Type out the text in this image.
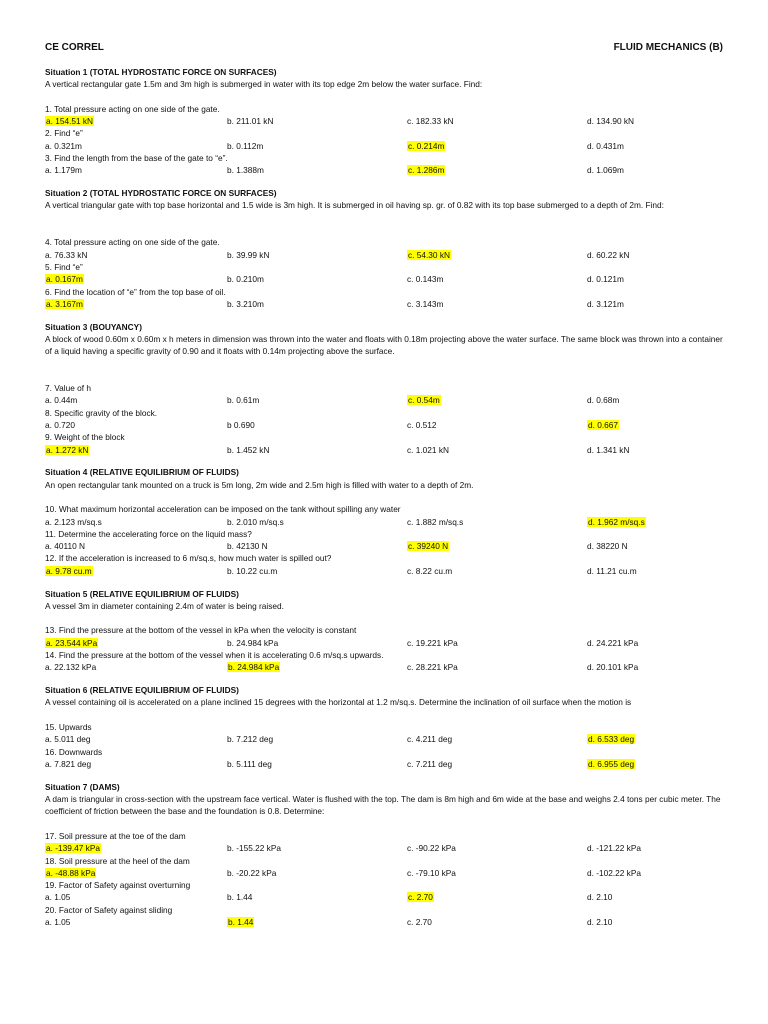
CE CORREL	FLUID MECHANICS (B)
Situation 1 (TOTAL HYDROSTATIC FORCE ON SURFACES)
A vertical rectangular gate 1.5m and 3m high is submerged in water with its top edge 2m below the water surface. Find:
1. Total pressure acting on one side of the gate.
a. 154.51 kN	b. 211.01 kN	c. 182.33 kN	d. 134.90 kN
2. Find “e”
a. 0.321m	b. 0.112m	c. 0.214m	d. 0.431m
3. Find the length from the base of the gate to “e”.
a. 1.179m	b. 1.388m	c. 1.286m	d. 1.069m
Situation 2 (TOTAL HYDROSTATIC FORCE ON SURFACES)
A vertical triangular gate with top base horizontal and 1.5 wide is 3m high. It is submerged in oil having sp. gr. of 0.82 with its top base submerged to a depth of 2m. Find:
4. Total pressure acting on one side of the gate.
a. 76.33 kN	b. 39.99 kN	c. 54.30 kN	d. 60.22 kN
5. Find “e”
a. 0.167m	b. 0.210m	c. 0.143m	d. 0.121m
6. Find the location of “e” from the top base of oil.
a. 3.167m	b. 3.210m	c. 3.143m	d. 3.121m
Situation 3 (BOUYANCY)
A block of wood 0.60m x 0.60m x h meters in dimension was thrown into the water and floats with 0.18m projecting above the water surface. The same block was thrown into a container of a liquid having a specific gravity of 0.90 and it floats with 0.14m projecting above the surface.
7. Value of h
a. 0.44m	b. 0.61m	c. 0.54m	d. 0.68m
8. Specific gravity of the block.
a. 0.720	b 0.690	c. 0.512	d. 0.667
9. Weight of the block
a. 1.272 kN	b. 1.452 kN	c. 1.021 kN	d. 1.341 kN
Situation 4 (RELATIVE EQUILIBRIUM OF FLUIDS)
An open rectangular tank mounted on a truck is 5m long, 2m wide and 2.5m high is filled with water to a depth of 2m.
10. What maximum horizontal acceleration can be imposed on the tank without spilling any water
a. 2.123 m/sq.s	b. 2.010 m/sq.s	c. 1.882 m/sq.s	d. 1.962 m/sq.s
11. Determine the accelerating force on the liquid mass?
a. 40110 N	b. 42130 N	c. 39240 N	d. 38220 N
12. If the acceleration is increased to 6 m/sq.s, how much water is spilled out?
a. 9.78 cu.m	b. 10.22 cu.m	c. 8.22 cu.m	d. 11.21 cu.m
Situation 5 (RELATIVE EQUILIBRIUM OF FLUIDS)
A vessel 3m in diameter containing 2.4m of water is being raised.
13. Find the pressure at the bottom of the vessel in kPa when the velocity is constant
a. 23.544 kPa	b. 24.984 kPa	c. 19.221 kPa	d. 24.221 kPa
14. Find the pressure at the bottom of the vessel when it is accelerating 0.6 m/sq.s upwards.
a. 22.132 kPa	b. 24.984 kPa	c. 28.221 kPa	d. 20.101 kPa
Situation 6 (RELATIVE EQUILIBRIUM OF FLUIDS)
A vessel containing oil is accelerated on a plane inclined 15 degrees with the horizontal at 1.2 m/sq.s. Determine the inclination of oil surface when the motion is
15. Upwards
a. 5.011 deg	b. 7.212 deg	c. 4.211 deg	d. 6.533 deg
16. Downwards
a. 7.821 deg	b. 5.111 deg	c. 7.211 deg	d. 6.955 deg
Situation 7 (DAMS)
A dam is triangular in cross-section with the upstream face vertical. Water is flushed with the top. The dam is 8m high and 6m wide at the base and weighs 2.4 tons per cubic meter. The coefficient of friction between the base and the foundation is 0.8. Determine:
17. Soil pressure at the toe of the dam
a. -139.47 kPa	b. -155.22 kPa	c. -90.22 kPa	d. -121.22 kPa
18. Soil pressure at the heel of the dam
a. -48.88 kPa	b. -20.22 kPa	c. -79.10 kPa	d. -102.22 kPa
19. Factor of Safety against overturning
a. 1.05	b. 1.44	c. 2.70	d. 2.10
20. Factor of Safety against sliding
a. 1.05	b. 1.44	c. 2.70	d. 2.10
